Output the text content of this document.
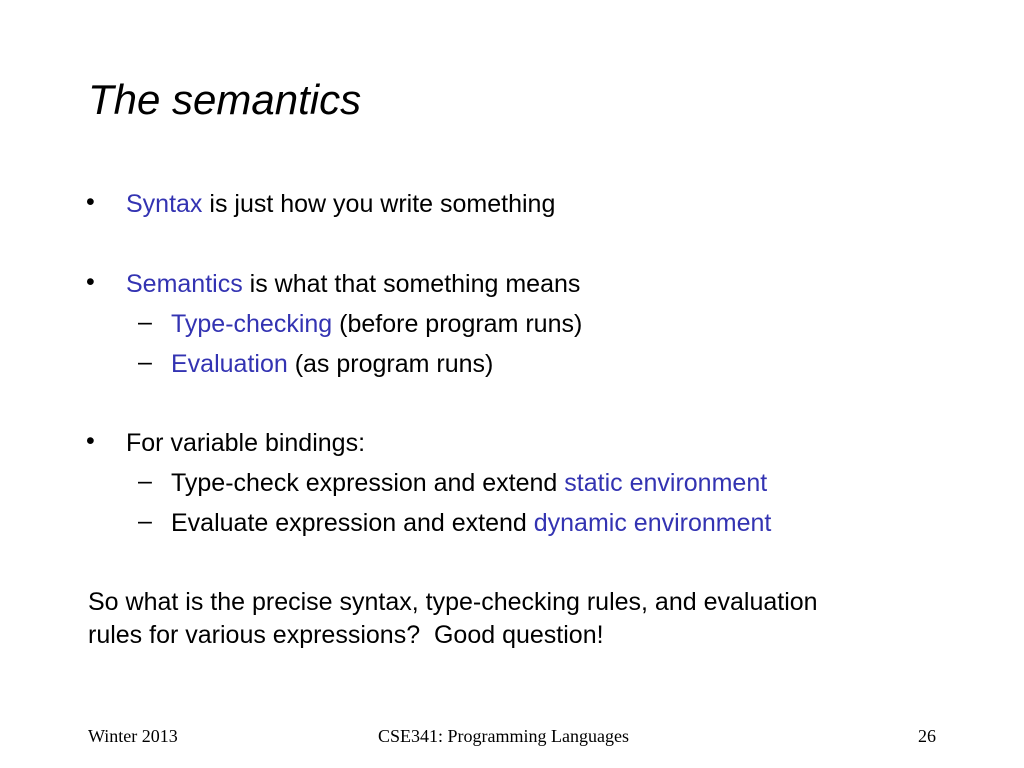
The semantics
• Syntax is just how you write something
• Semantics is what that something means
– Type-checking (before program runs)
– Evaluation (as program runs)
• For variable bindings:
– Type-check expression and extend static environment
– Evaluate expression and extend dynamic environment
So what is the precise syntax, type-checking rules, and evaluation
rules for various expressions?  Good question!
Winter 2013	CSE341: Programming Languages	26
